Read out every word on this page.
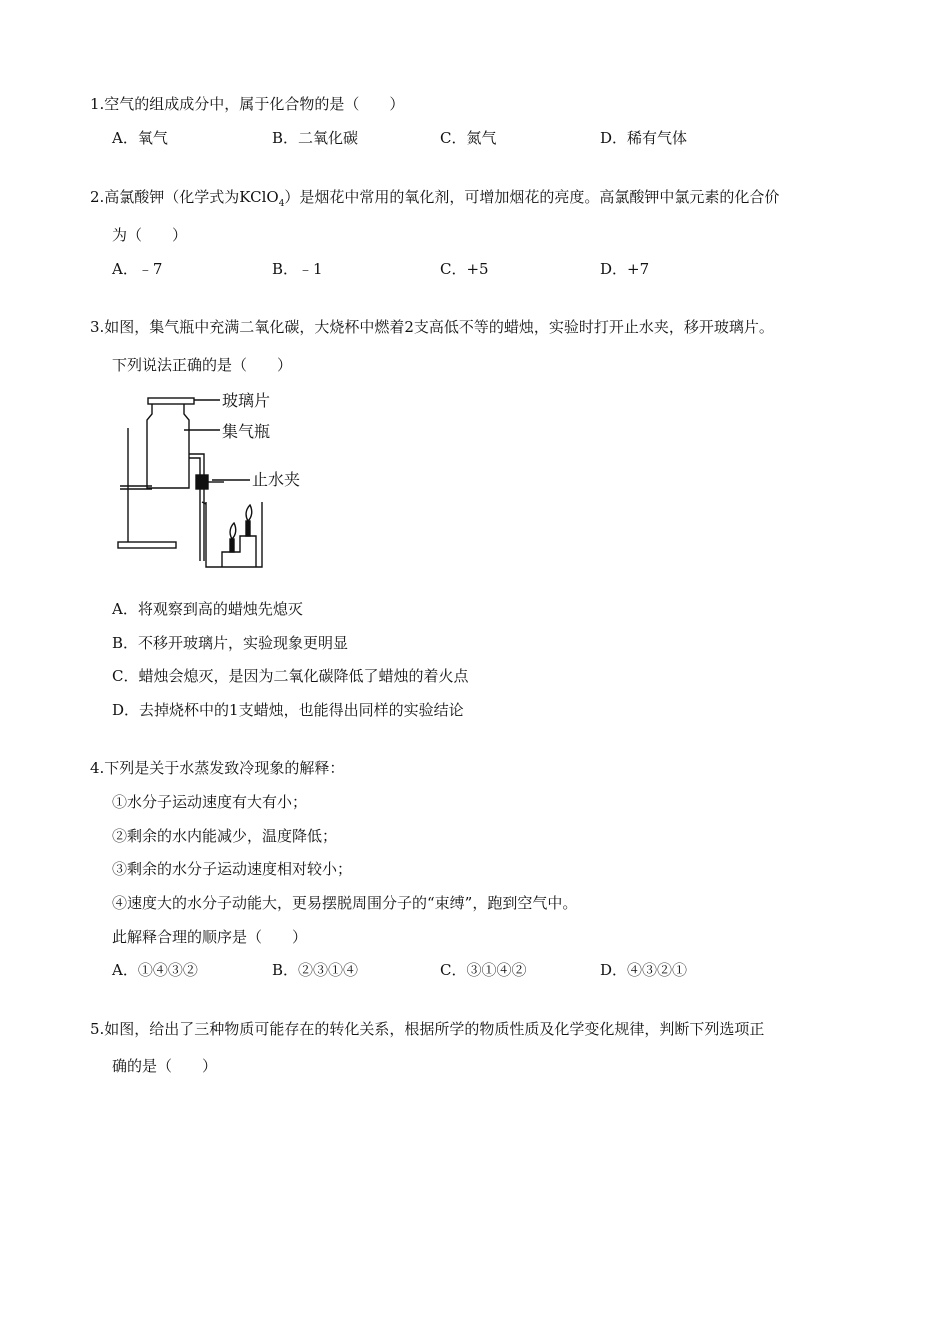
1.空气的组成成分中，属于化合物的是（　　）
A．氧气	B．二氧化碳	C．氮气	D．稀有气体
2.高氯酸钾（化学式为KClO$_4$）是烟花中常用的氧化剂，可增加烟花的亮度。高氯酸钾中氯元素的化合价
为（　　）
A．﹣7	B．﹣1	C．+5	D．+7
3.如图，集气瓶中充满二氧化碳，大烧杯中燃着2支高低不等的蜡烛，实验时打开止水夹，移开玻璃片。
下列说法正确的是（　　）
玻璃片
集气瓶
止水夹
A．将观察到高的蜡烛先熄灭
B．不移开玻璃片，实验现象更明显
C．蜡烛会熄灭，是因为二氧化碳降低了蜡烛的着火点
D．去掉烧杯中的1支蜡烛，也能得出同样的实验结论
4.下列是关于水蒸发致冷现象的解释：
①水分子运动速度有大有小；
②剩余的水内能减少，温度降低；
③剩余的水分子运动速度相对较小；
④速度大的水分子动能大，更易摆脱周围分子的“束缚”，跑到空气中。
此解释合理的顺序是（　　）
A．①④③②	B．②③①④	C．③①④②	D．④③②①
5.如图，给出了三种物质可能存在的转化关系，根据所学的物质性质及化学变化规律，判断下列选项正
确的是（　　）
